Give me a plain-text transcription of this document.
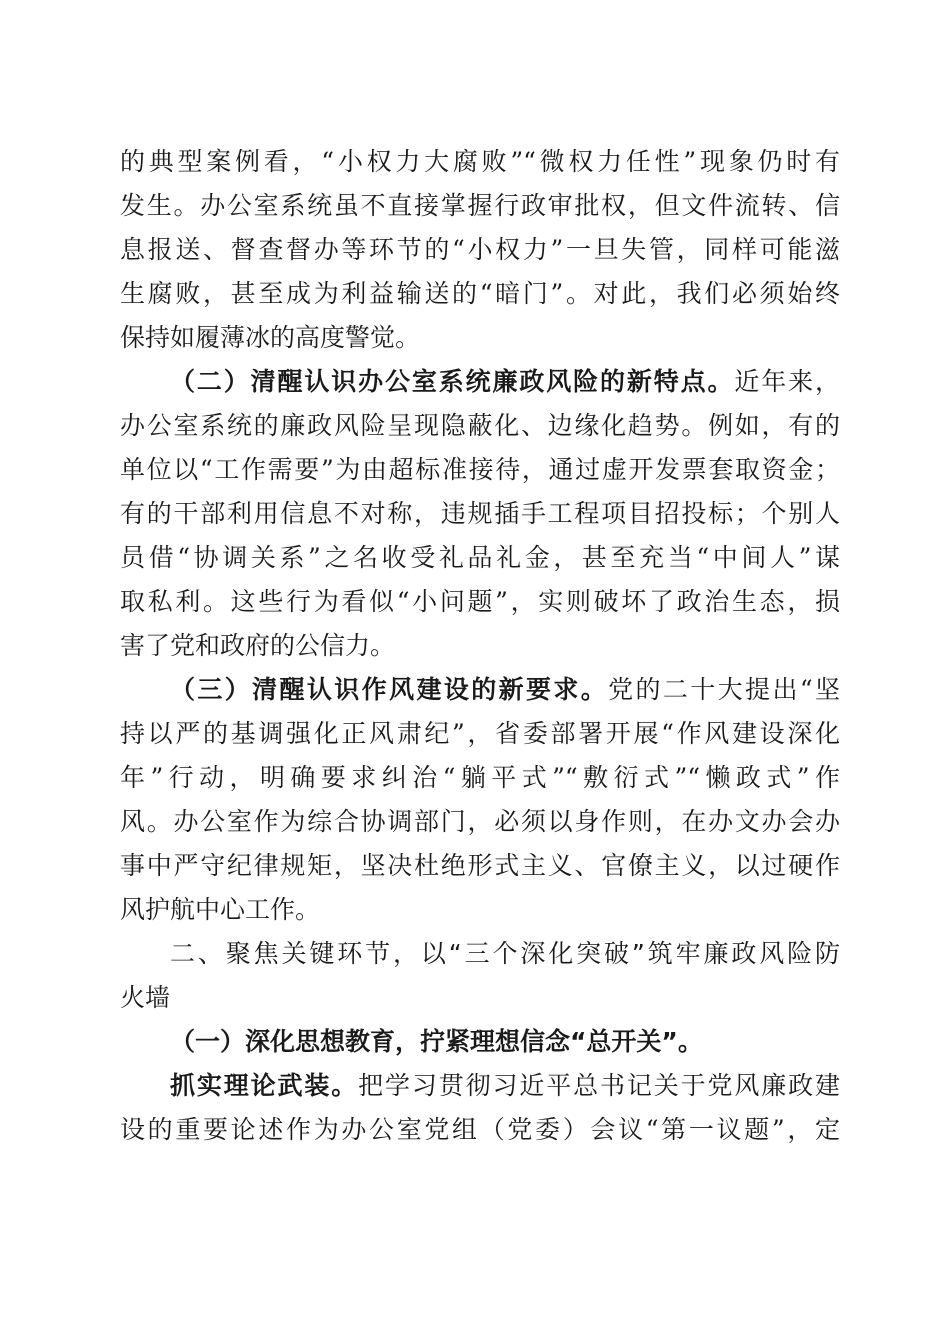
的典型案例看，“小权力大腐败”“微权力任性”现象仍时有
发生。办公室系统虽不直接掌握行政审批权，但文件流转、信
息报送、督查督办等环节的“小权力”一旦失管，同样可能滋
生腐败，甚至成为利益输送的“暗门”。对此，我们必须始终
保持如履薄冰的高度警觉。
（二）清醒认识办公室系统廉政风险的新特点。近年来，
办公室系统的廉政风险呈现隐蔽化、边缘化趋势。例如，有的
单位以“工作需要”为由超标准接待，通过虚开发票套取资金；
有的干部利用信息不对称，违规插手工程项目招投标；个别人
员借“协调关系”之名收受礼品礼金，甚至充当“中间人”谋
取私利。这些行为看似“小问题”，实则破坏了政治生态，损
害了党和政府的公信力。
（三）清醒认识作风建设的新要求。党的二十大提出“坚
持以严的基调强化正风肃纪”，省委部署开展“作风建设深化
年”行动，明确要求纠治“躺平式”“敷衍式”“懒政式”作
风。办公室作为综合协调部门，必须以身作则，在办文办会办
事中严守纪律规矩，坚决杜绝形式主义、官僚主义，以过硬作
风护航中心工作。
二、聚焦关键环节，以“三个深化突破”筑牢廉政风险防
火墙
（一）深化思想教育，拧紧理想信念“总开关”。
抓实理论武装。把学习贯彻习近平总书记关于党风廉政建
设的重要论述作为办公室党组（党委）会议“第一议题”，定
